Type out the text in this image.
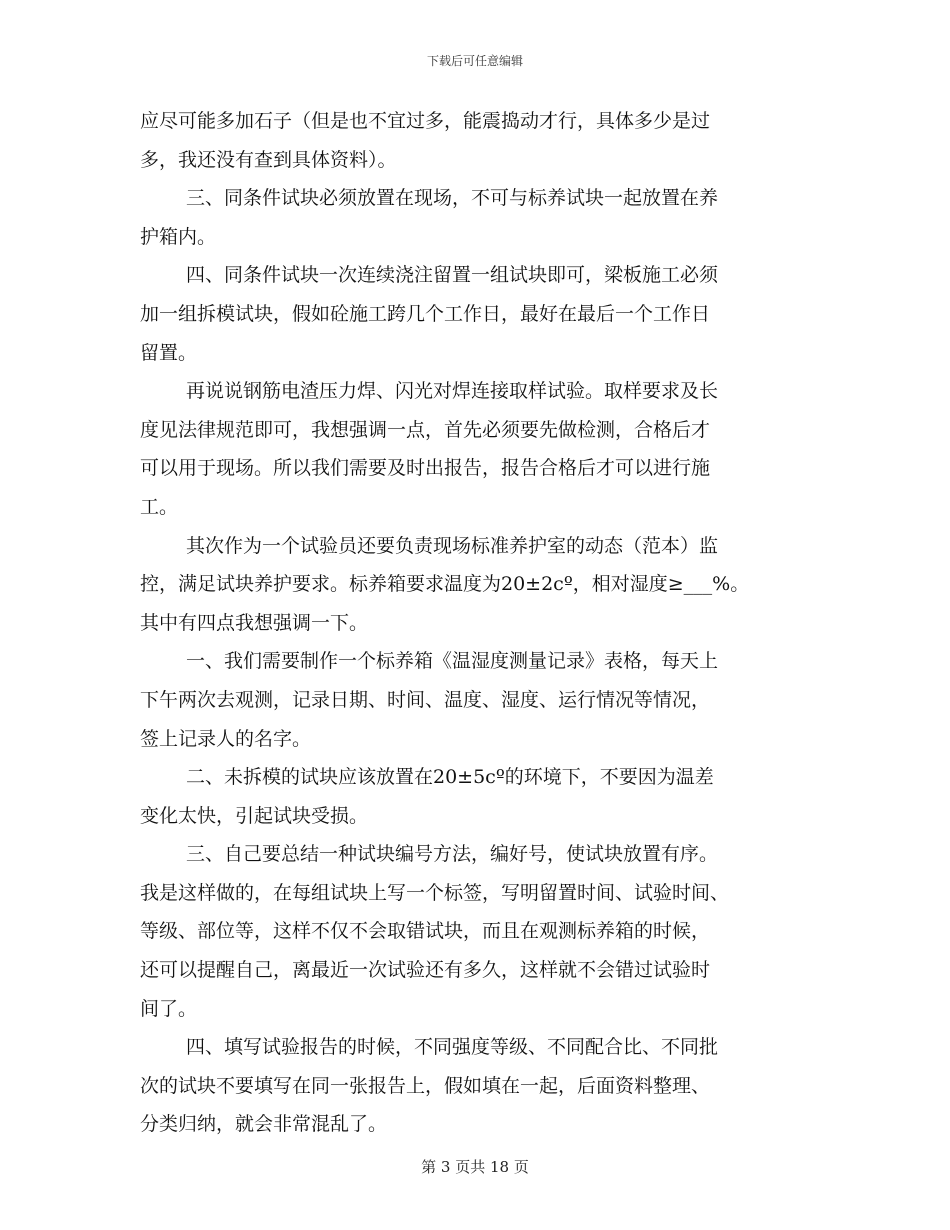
下载后可任意编辑
应尽可能多加石子（但是也不宜过多，能震捣动才行，具体多少是过
多，我还没有查到具体资料）。
三、同条件试块必须放置在现场，不可与标养试块一起放置在养
护箱内。
四、同条件试块一次连续浇注留置一组试块即可，梁板施工必须
加一组拆模试块，假如砼施工跨几个工作日，最好在最后一个工作日
留置。
再说说钢筋电渣压力焊、闪光对焊连接取样试验。取样要求及长
度见法律规范即可，我想强调一点，首先必须要先做检测，合格后才
可以用于现场。所以我们需要及时出报告，报告合格后才可以进行施
工。
其次作为一个试验员还要负责现场标准养护室的动态（范本）监
控，满足试块养护要求。标养箱要求温度为20±2cº，相对湿度≥___%。
其中有四点我想强调一下。
一、我们需要制作一个标养箱《温湿度测量记录》表格，每天上
下午两次去观测，记录日期、时间、温度、湿度、运行情况等情况，
签上记录人的名字。
二、未拆模的试块应该放置在20±5cº的环境下，不要因为温差
变化太快，引起试块受损。
三、自己要总结一种试块编号方法，编好号，使试块放置有序。
我是这样做的，在每组试块上写一个标签，写明留置时间、试验时间、
等级、部位等，这样不仅不会取错试块，而且在观测标养箱的时候，
还可以提醒自己，离最近一次试验还有多久，这样就不会错过试验时
间了。
四、填写试验报告的时候，不同强度等级、不同配合比、不同批
次的试块不要填写在同一张报告上，假如填在一起，后面资料整理、
分类归纳，就会非常混乱了。
第 3 页共 18 页
